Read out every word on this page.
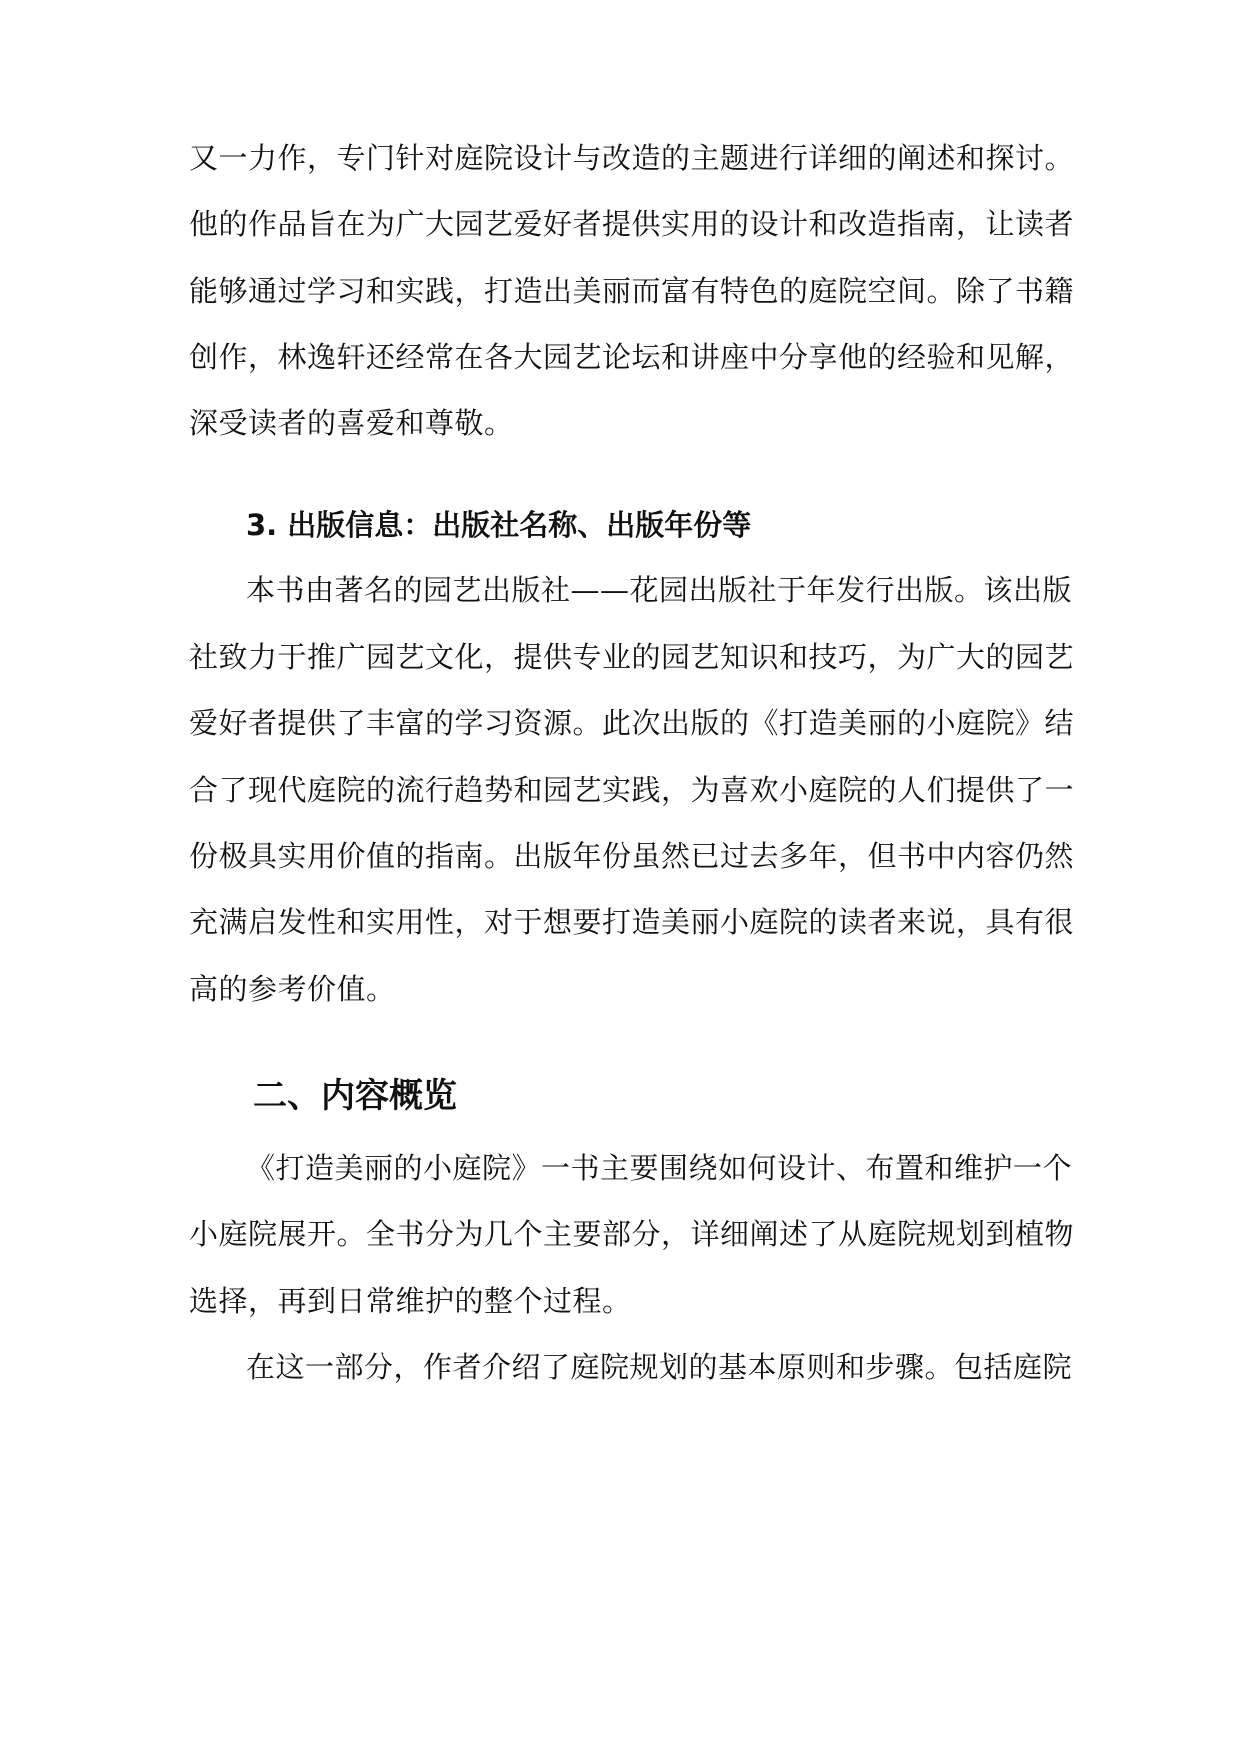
又一力作，专门针对庭院设计与改造的主题进行详细的阐述和探讨。
他的作品旨在为广大园艺爱好者提供实用的设计和改造指南，让读者
能够通过学习和实践，打造出美丽而富有特色的庭院空间。除了书籍
创作，林逸轩还经常在各大园艺论坛和讲座中分享他的经验和见解，
深受读者的喜爱和尊敬。
3. 出版信息：出版社名称、出版年份等
本书由著名的园艺出版社——花园出版社于年发行出版。该出版
社致力于推广园艺文化，提供专业的园艺知识和技巧，为广大的园艺
爱好者提供了丰富的学习资源。此次出版的《打造美丽的小庭院》结
合了现代庭院的流行趋势和园艺实践，为喜欢小庭院的人们提供了一
份极具实用价值的指南。出版年份虽然已过去多年，但书中内容仍然
充满启发性和实用性，对于想要打造美丽小庭院的读者来说，具有很
高的参考价值。
二、内容概览
《打造美丽的小庭院》一书主要围绕如何设计、布置和维护一个
小庭院展开。全书分为几个主要部分，详细阐述了从庭院规划到植物
选择，再到日常维护的整个过程。
在这一部分，作者介绍了庭院规划的基本原则和步骤。包括庭院
